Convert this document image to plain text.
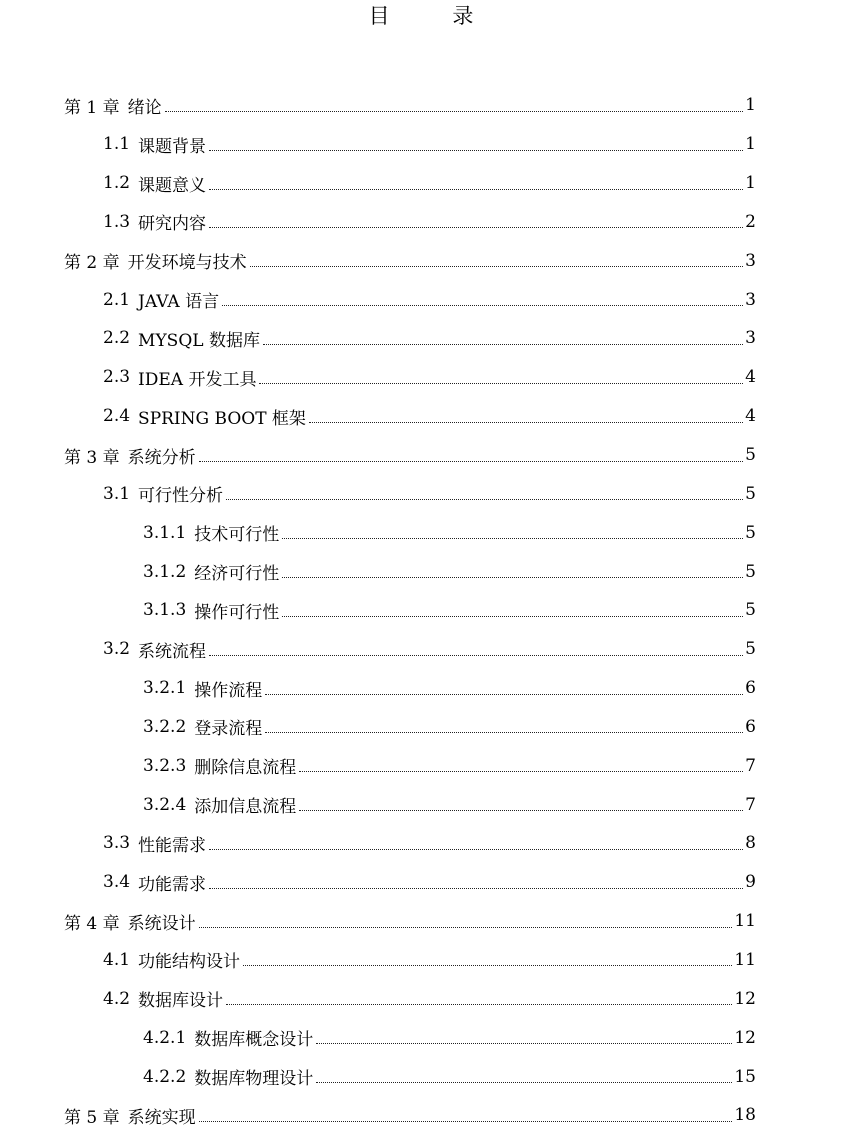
目 录
第 1 章 绪论	1
1.1 课题背景	1
1.2 课题意义	1
1.3 研究内容	2
第 2 章 开发环境与技术	3
2.1 JAVA 语言	3
2.2 MYSQL 数据库	3
2.3 IDEA 开发工具	4
2.4 SPRING BOOT 框架	4
第 3 章 系统分析	5
3.1 可行性分析	5
3.1.1 技术可行性	5
3.1.2 经济可行性	5
3.1.3 操作可行性	5
3.2 系统流程	5
3.2.1 操作流程	6
3.2.2 登录流程	6
3.2.3 删除信息流程	7
3.2.4 添加信息流程	7
3.3 性能需求	8
3.4 功能需求	9
第 4 章 系统设计	11
4.1 功能结构设计	11
4.2 数据库设计	12
4.2.1 数据库概念设计	12
4.2.2 数据库物理设计	15
第 5 章 系统实现	18
